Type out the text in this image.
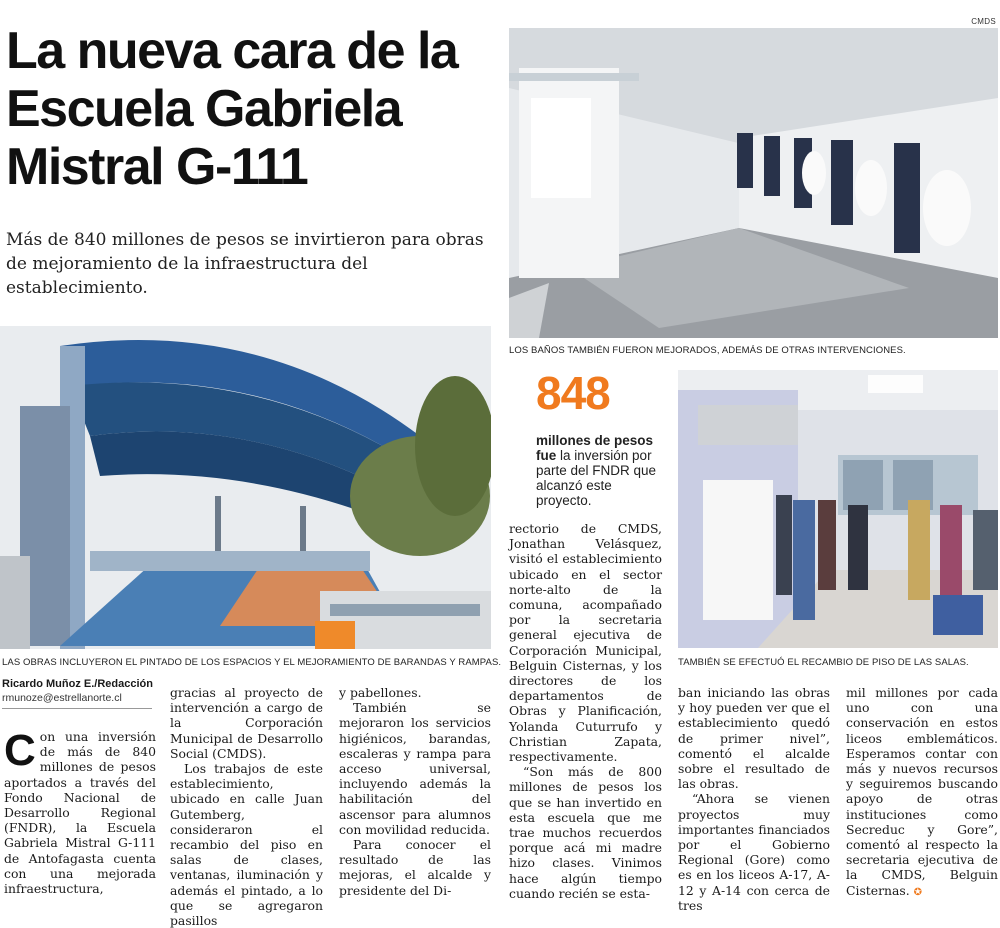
La nueva cara de la Escuela Gabriela Mistral G-111

Más de 840 millones de pesos se invirtieron para obras de mejoramiento de la infraestructura del establecimiento.

CMDS
LOS BAÑOS TAMBIÉN FUERON MEJORADOS, ADEMÁS DE OTRAS INTERVENCIONES.
848
millones de pesos fue la inversión por parte del FNDR que alcanzó este proyecto.
LAS OBRAS INCLUYERON EL PINTADO DE LOS ESPACIOS Y EL MEJORAMIENTO DE BARANDAS Y RAMPAS.	TAMBIÉN SE EFECTUÓ EL RECAMBIO DE PISO DE LAS SALAS.
Ricardo Muñoz E./Redacción
rmunoze@estrellanorte.cl
C on una inversión de más de 840 millones de pesos aportados a través del Fondo Nacional de Desarrollo Regional (FNDR), la Escuela Gabriela Mistral G-111 de Antofagasta cuenta con una mejorada infraestructura,

gracias al proyecto de intervención a cargo de la Corporación Municipal de Desarrollo Social (CMDS).

Los trabajos de este establecimiento, ubicado en calle Juan Gutemberg, consideraron el recambio del piso en salas de clases, ventanas, iluminación y además el pintado, a lo que se agregaron pasillos

y pabellones.

También se mejoraron los servicios higiénicos, barandas, escaleras y rampa para acceso universal, incluyendo además la habilitación del ascensor para alumnos con movilidad reducida.

Para conocer el resultado de las mejoras, el alcalde y presidente del Di-

rectorio de CMDS, Jonathan Velásquez, visitó el establecimiento ubicado en el sector norte-alto de la comuna, acompañado por la secretaria general ejecutiva de Corporación Municipal, Belguin Cisternas, y los directores de los departamentos de Obras y Planificación, Yolanda Cuturrufo y Christian Zapata, respectivamente.

“Son más de 800 millones de pesos los que se han invertido en esta escuela que me trae muchos recuerdos porque acá mi madre hizo clases. Vinimos hace algún tiempo cuando recién se esta-

ban iniciando las obras y hoy pueden ver que el establecimiento quedó de primer nivel”, comentó el alcalde sobre el resultado de las obras.

“Ahora se vienen proyectos muy importantes financiados por el Gobierno Regional (Gore) como es en los liceos A-17, A-12 y A-14 con cerca de tres

mil millones por cada uno con una conservación en estos liceos emblemáticos. Esperamos contar con más y nuevos recursos y seguiremos buscando apoyo de otras instituciones como Secreduc y Gore”, comentó al respecto la secretaria ejecutiva de la CMDS, Belguin Cisternas. ✪
